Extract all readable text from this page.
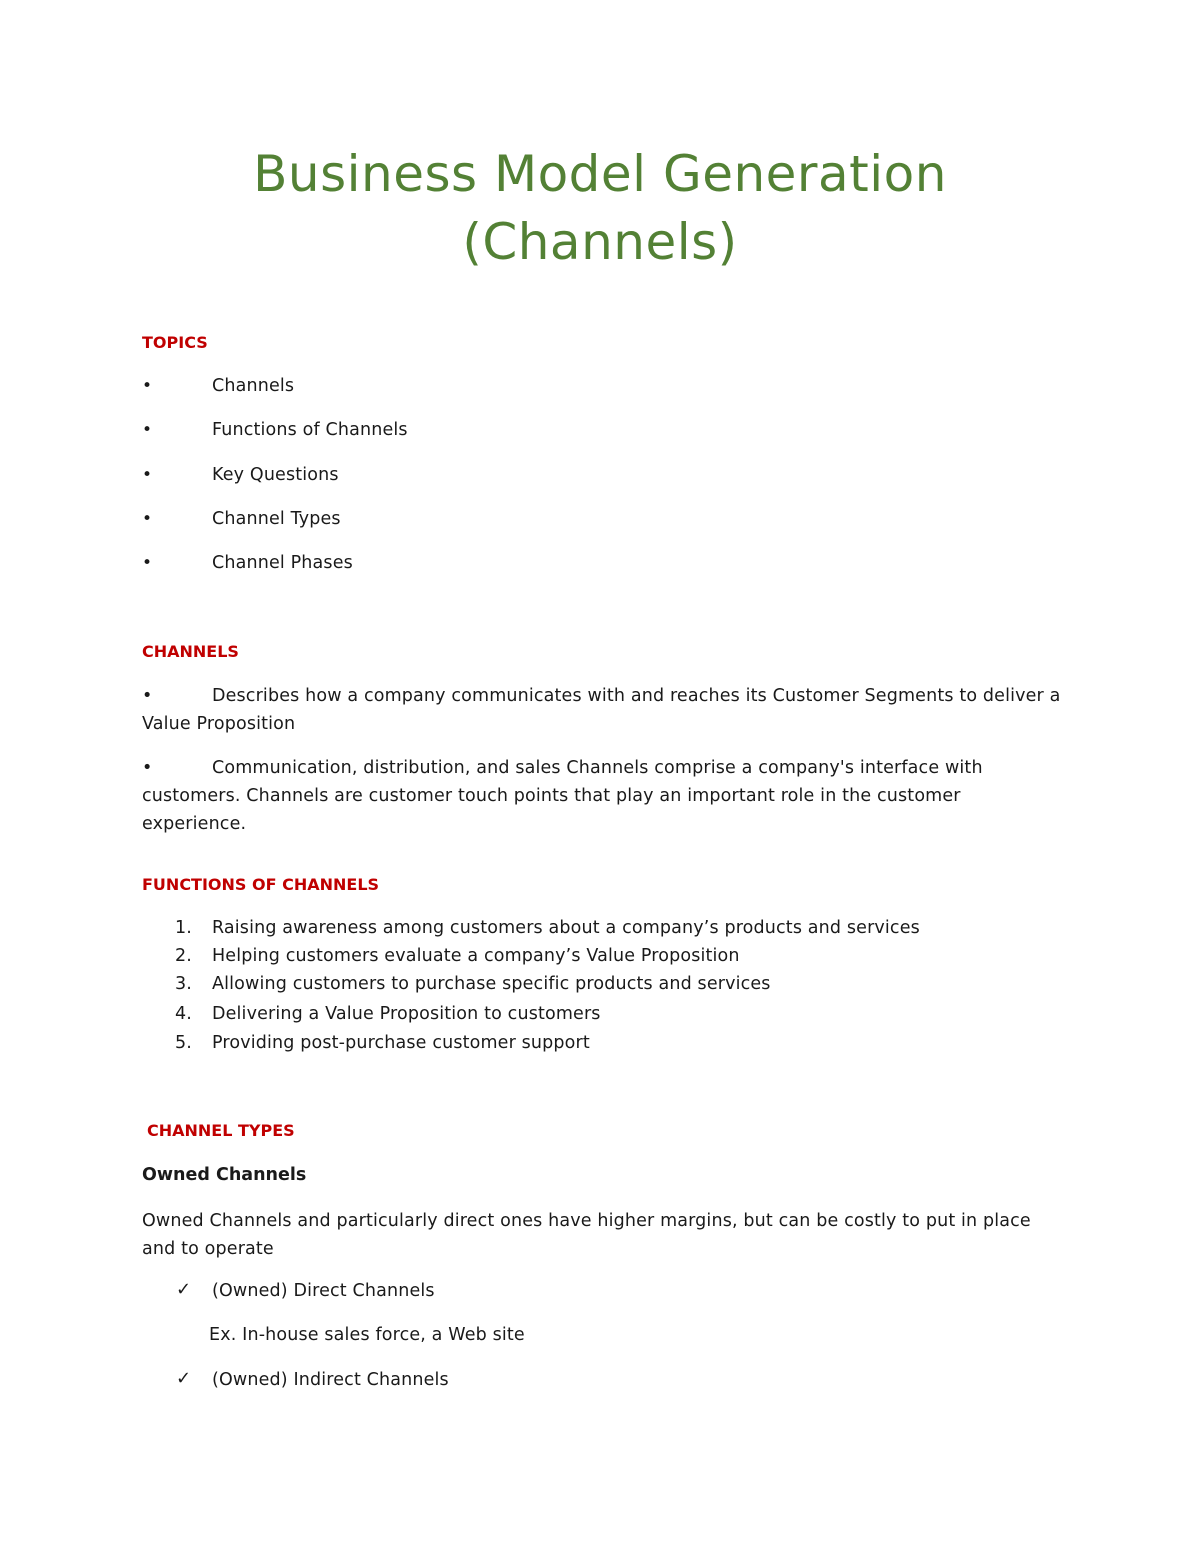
Business Model Generation
(Channels)
TOPICS
•	Channels
•	Functions of Channels
•	Key Questions
•	Channel Types
•	Channel Phases
CHANNELS
•	Describes how a company communicates with and reaches its Customer Segments to deliver a Value Proposition
•	Communication, distribution, and sales Channels comprise a company's interface with customers. Channels are customer touch points that play an important role in the customer experience.
FUNCTIONS OF CHANNELS
1.	Raising awareness among customers about a company’s products and services
2.	Helping customers evaluate a company’s Value Proposition
3.	Allowing customers to purchase specific products and services
4.	Delivering a Value Proposition to customers
5.	Providing post-purchase customer support
CHANNEL TYPES
Owned Channels
Owned Channels and particularly direct ones have higher margins, but can be costly to put in place and to operate
✓ (Owned) Direct Channels
Ex. In-house sales force, a Web site
✓ (Owned) Indirect Channels
